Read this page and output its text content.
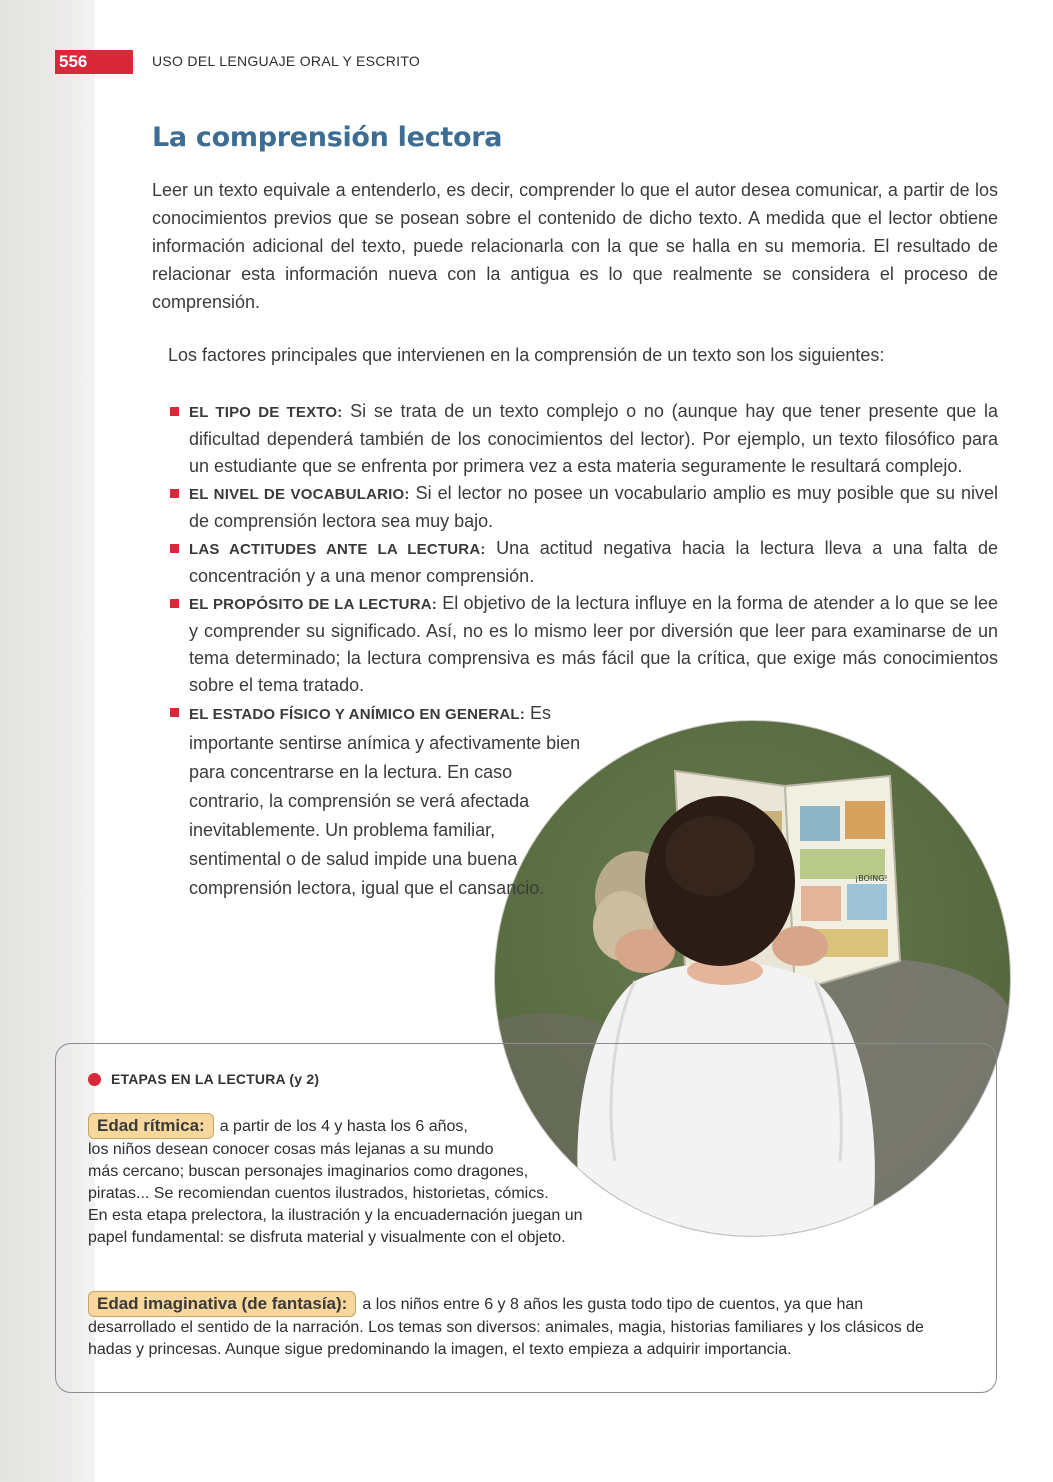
556	USO DEL LENGUAJE ORAL Y ESCRITO
La comprensión lectora

Leer un texto equivale a entenderlo, es decir, comprender lo que el autor desea comunicar, a partir de los conocimientos previos que se posean sobre el contenido de dicho texto. A medida que el lector obtiene información adicional del texto, puede relacionarla con la que se halla en su memoria. El resultado de relacionar esta información nueva con la antigua es lo que realmente se considera el proceso de comprensión.

Los factores principales que intervienen en la comprensión de un texto son los siguientes:

¡BOING!
EL TIPO DE TEXTO: Si se trata de un texto complejo o no (aunque hay que tener presente que la dificultad dependerá también de los conocimientos del lector). Por ejemplo, un texto filosófico para un estudiante que se enfrenta por primera vez a esta materia seguramente le resultará complejo.
EL NIVEL DE VOCABULARIO: Si el lector no posee un vocabulario amplio es muy posible que su nivel de comprensión lectora sea muy bajo.
LAS ACTITUDES ANTE LA LECTURA: Una actitud negativa hacia la lectura lleva a una falta de concentración y a una menor comprensión.
EL PROPÓSITO DE LA LECTURA: El objetivo de la lectura influye en la forma de atender a lo que se lee y comprender su significado. Así, no es lo mismo leer por diversión que leer para examinarse de un tema determinado; la lectura comprensiva es más fácil que la crítica, que exige más conocimientos sobre el tema tratado.
EL ESTADO FÍSICO Y ANÍMICO EN GENERAL: Es importante sentirse anímica y afectivamente bien para concentrarse en la lectura. En caso contrario, la comprensión se verá afectada inevitablemente. Un problema familiar, sentimental o de salud impide una buena comprensión lectora, igual que el cansancio.
ETAPAS EN LA LECTURA (y 2)
Edad rítmica: a partir de los 4 y hasta los 6 años,
los niños desean conocer cosas más lejanas a su mundo
más cercano; buscan personajes imaginarios como dragones,
piratas... Se recomiendan cuentos ilustrados, historietas, cómics.
En esta etapa prelectora, la ilustración y la encuadernación juegan un
papel fundamental: se disfruta material y visualmente con el objeto.
Edad imaginativa (de fantasía): a los niños entre 6 y 8 años les gusta todo tipo de cuentos, ya que han
desarrollado el sentido de la narración. Los temas son diversos: animales, magia, historias familiares y los clásicos de
hadas y princesas. Aunque sigue predominando la imagen, el texto empieza a adquirir importancia.
